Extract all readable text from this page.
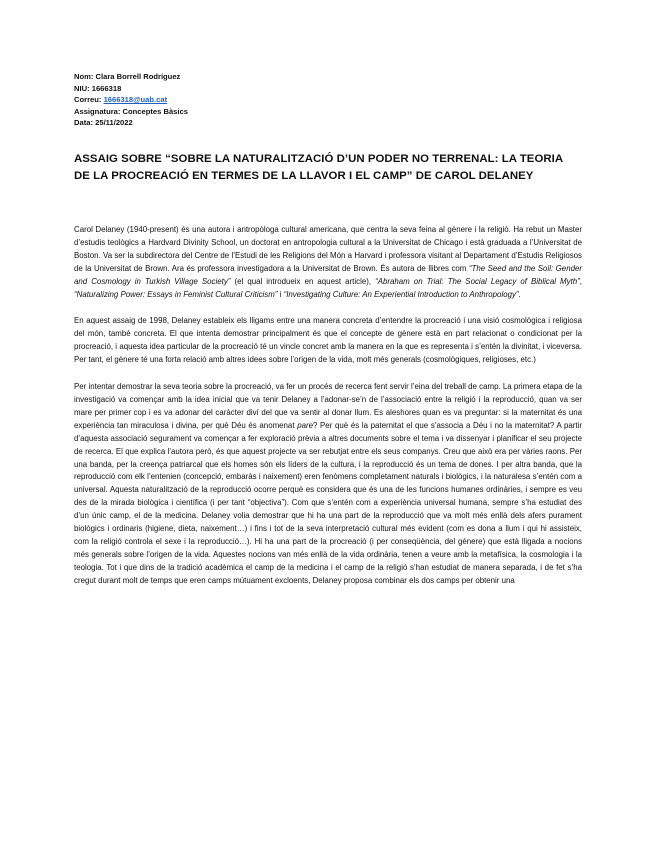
Nom: Clara Borrell Rodríguez
NIU: 1666318
Correu: 1666318@uab.cat
Assignatura: Conceptes Bàsics
Data: 25/11/2022
ASSAIG SOBRE “SOBRE LA NATURALITZACIÓ D’UN PODER NO TERRENAL: LA TEORIA DE LA PROCREACIÓ EN TERMES DE LA LLAVOR I EL CAMP” DE CAROL DELANEY

Carol Delaney (1940-present) és una autora i antropòloga cultural americana, que centra la seva feina al gènere i la religió. Ha rebut un Master d’estudis teològics a Hardvard Divinity School, un doctorat en antropologia cultural a la Universitat de Chicago i està graduada a l’Universitat de Boston. Va ser la subdirectora del Centre de l’Estudi de les Religions del Món a Harvard i professora visitant al Departament d’Estudis Religiosos de la Universitat de Brown. Ara és professora investigadora a la Universitat de Brown. És autora de llibres com “The Seed and the Soil: Gender and Cosmology in Turkish Village Society” (el qual introdueix en aquest article), “Abraham on Trial: The Social Legacy of Biblical Myth”, “Naturalizing Power: Essays in Feminist Cultural Criticism” i “Investigating Culture: An Experiential Introduction to Anthropology”.

En aquest assaig de 1998, Delaney estableix els lligams entre una manera concreta d’entendre la procreació i una visió cosmològica i religiosa del món, també concreta. El que intenta demostrar principalment és que el concepte de gènere està en part relacionat o condicionat per la procreació, i aquesta idea particular de la procreació té un vincle concret amb la manera en la que es representa i s’entén la divinitat, i viceversa. Per tant, el gènere té una forta relació amb altres idees sobre l’origen de la vida, molt més generals (cosmològiques, religioses, etc.)

Per intentar demostrar la seva teoria sobre la procreació, va fer un procés de recerca fent servir l’eina del treball de camp. La primera etapa de la investigació va començar amb la idea inicial que va tenir Delaney a l’adonar-se’n de l’associació entre la religió i la reproducció, quan va ser mare per primer cop i es va adonar del caràcter diví del que va sentir al donar llum. Es aleshores quan es va preguntar: si la maternitat és una experiència tan miraculosa i divina, per què Déu és anomenat pare? Per què és la paternitat el que s’associa a Déu i no la maternitat? A partir d’aquesta associació segurament va començar a fer exploració prèvia a altres documents sobre el tema i va dissenyar i planificar el seu projecte de recerca. El que explica l’autora però, és que aquest projecte va ser rebutjat entre els seus companys. Creu que això era per vàries raons. Per una banda, per la creença patriarcal que els homes són els líders de la cultura, i la reproducció és un tema de dones. I per altra banda, que la reproducció com elk l’entenien (concepció, embaràs i naixement) eren fenòmens completament naturals i biològics, i la naturalesa s’entén com a universal. Aquesta naturalització de la reproducció ocorre perquè es considera que és una de les funcions humanes ordinàries, i sempre es veu des de la mirada biològica i científica (i per tant “objectiva”). Com que s’entén com a experiència universal humana, sempre s’ha estudiat des d’un únic camp, el de la medicina. Delaney volia demostrar que hi ha una part de la reproducció que va molt més enllà dels afers purament biològics i ordinaris (higiene, dieta, naixement…) i fins i tot de la seva interpretació cultural més evident (com es dona a llum i qui hi assisteix, com la religió controla el sexe i la reproducció…). Hi ha una part de la procreació (i per conseqüència, del gènere) que està lligada a nocions més generals sobre l’origen de la vida. Aquestes nocions van més enllà de la vida ordinària, tenen a veure amb la metafísica, la cosmologia i la teologia. Tot i que dins de la tradició acadèmica el camp de la medicina i el camp de la religió s’han estudiat de manera separada, i de fet s’ha cregut durant molt de temps que eren camps mútuament excloents, Delaney proposa combinar els dos camps per obtenir una
